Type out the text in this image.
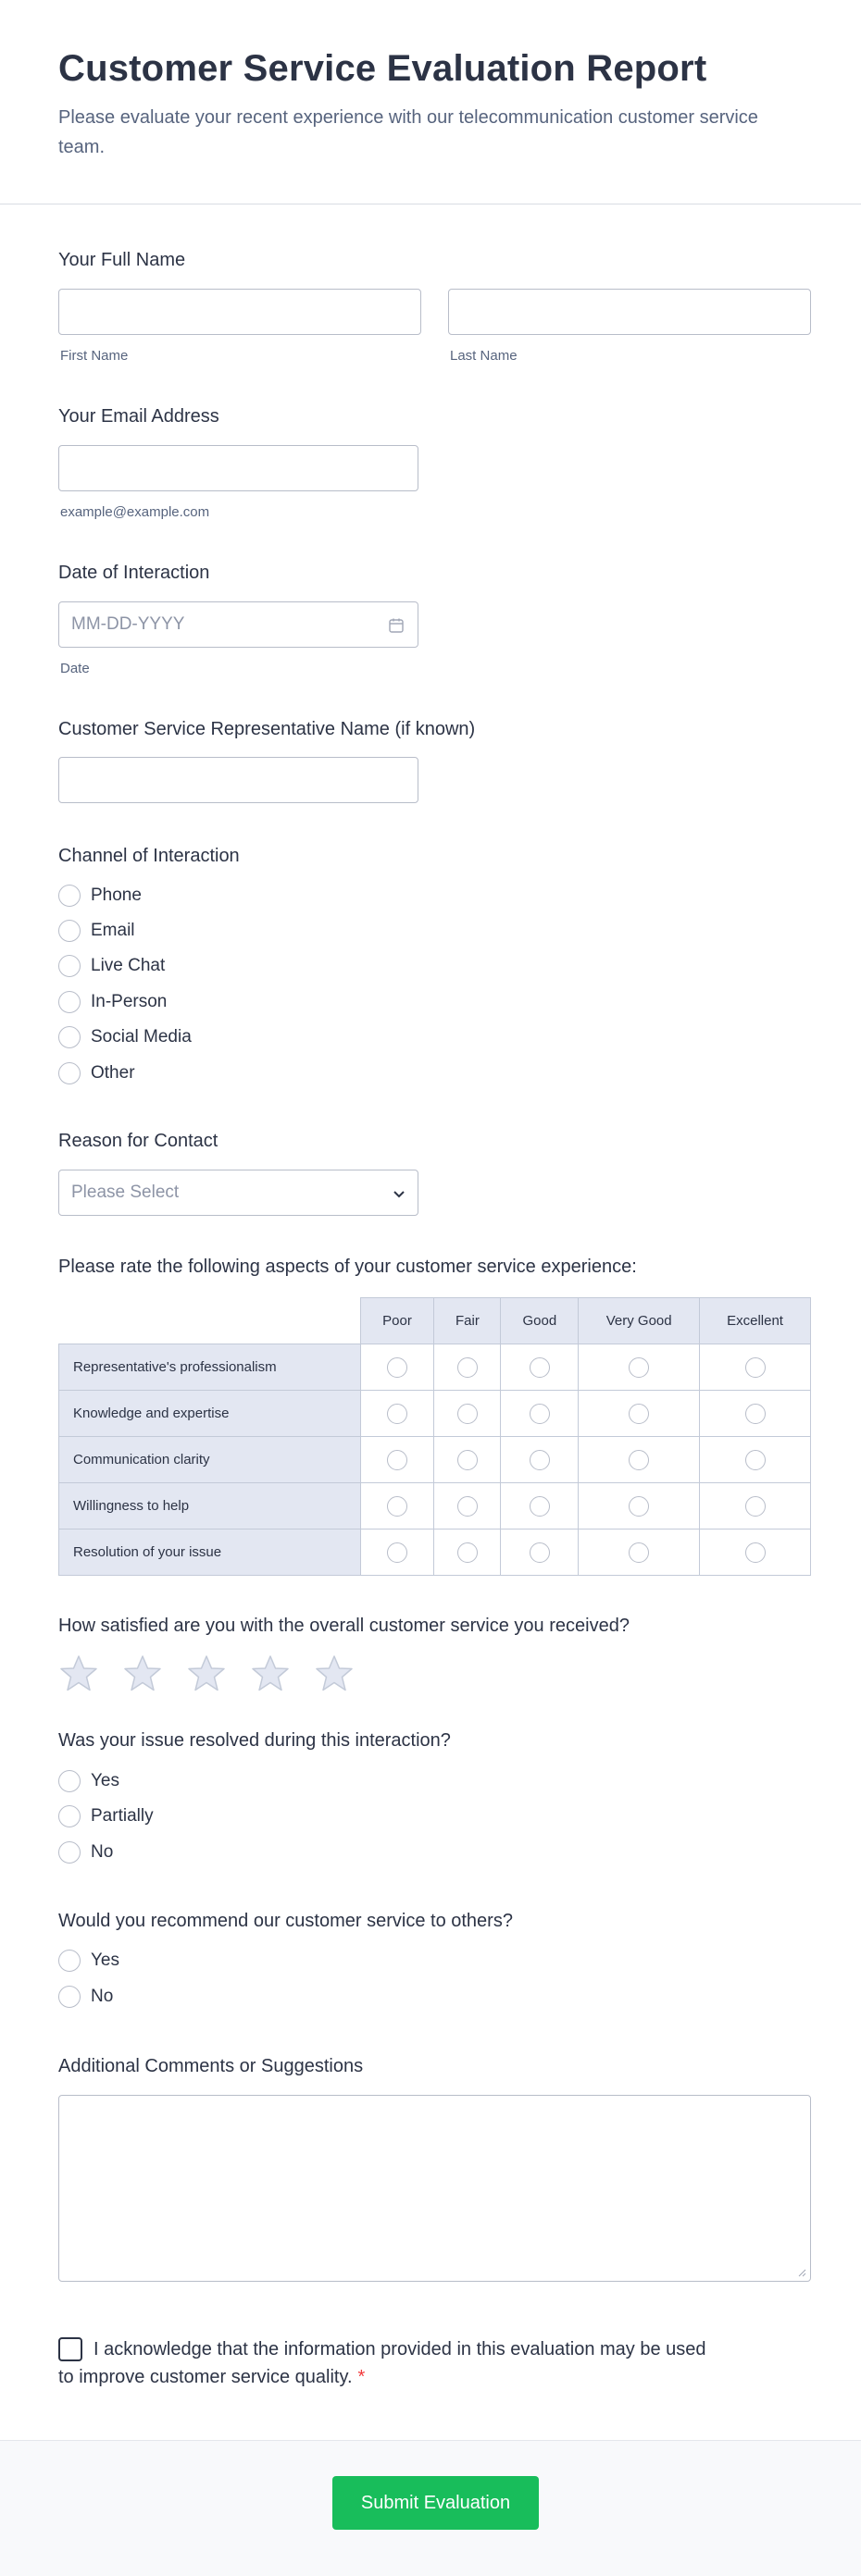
Customer Service Evaluation Report

Please evaluate your recent experience with our telecommunication customer service team.

Your Full Name
First Name	Last Name
Your Email Address
example@example.com
Date of Interaction
MM-DD-YYYY
Date
Customer Service Representative Name (if known)
Channel of Interaction
Phone
Email
Live Chat
In-Person
Social Media
Other
Reason for Contact
Please Select
Please rate the following aspects of your customer service experience:
	Poor	Fair	Good	Very Good	Excellent
Representative's professionalism					
Knowledge and expertise					
Communication clarity					
Willingness to help					
Resolution of your issue					
How satisfied are you with the overall customer service you received?
Was your issue resolved during this interaction?
Yes
Partially
No
Would you recommend our customer service to others?
Yes
No
Additional Comments or Suggestions
I acknowledge that the information provided in this evaluation may be used to improve customer service quality. *
Submit Evaluation
